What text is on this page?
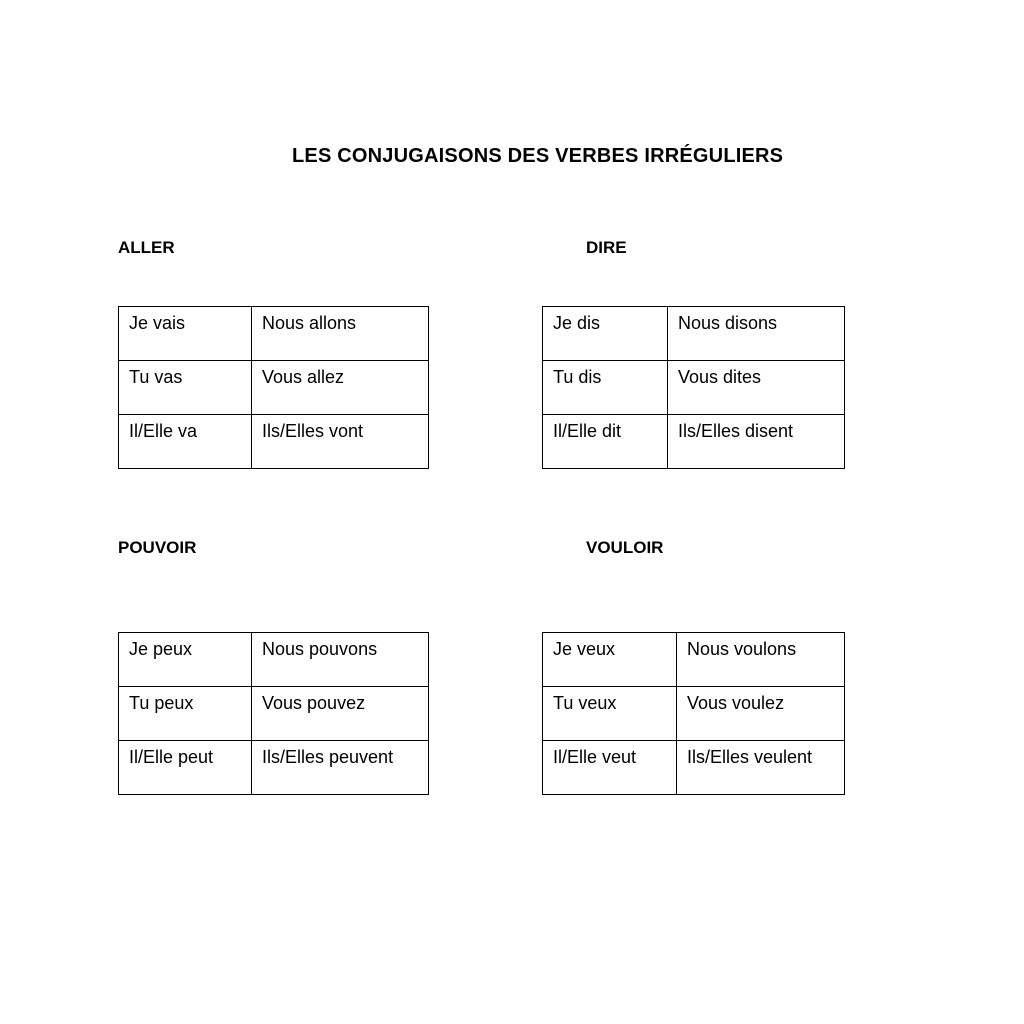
LES CONJUGAISONS DES VERBES IRRÉGULIERS
ALLER
Je vais	Nous allons
Tu vas	Vous allez
Il/Elle va	Ils/Elles vont
DIRE
Je dis	Nous disons
Tu dis	Vous dites
Il/Elle dit	Ils/Elles disent
POUVOIR
Je peux	Nous pouvons
Tu peux	Vous pouvez
Il/Elle peut	Ils/Elles peuvent
VOULOIR
Je veux	Nous voulons
Tu veux	Vous voulez
Il/Elle veut	Ils/Elles veulent
